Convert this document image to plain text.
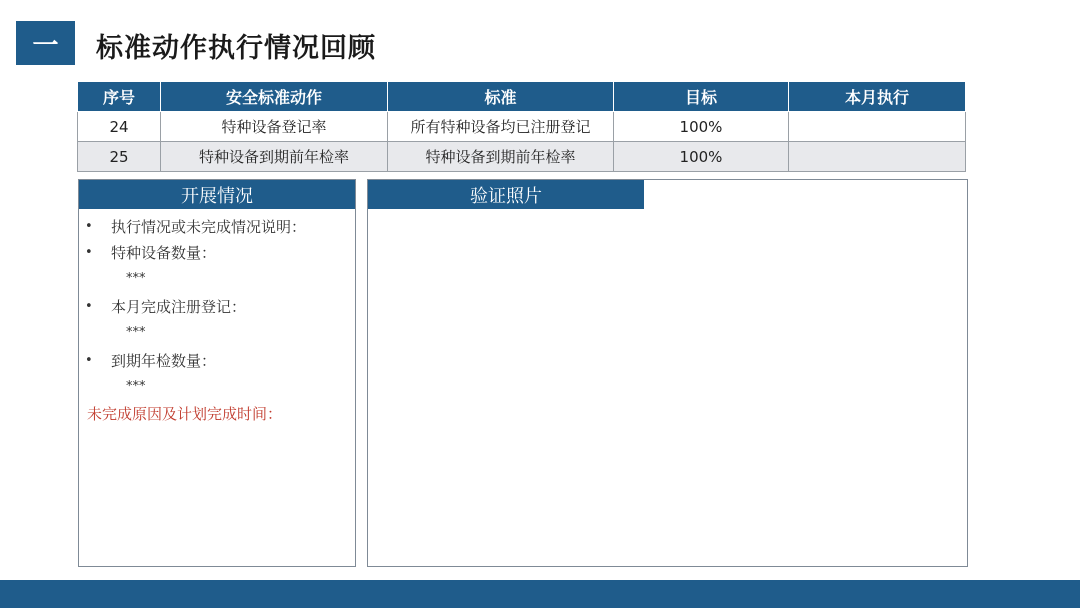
一	标准动作执行情况回顾
序号	安全标准动作	标准	目标	本月执行
24	特种设备登记率	所有特种设备均已注册登记	100%	
25	特种设备到期前年检率	特种设备到期前年检率	100%	
开展情况
•	执行情况或未完成情况说明：
•	特种设备数量：
***
•	本月完成注册登记：
***
•	到期年检数量：
***
未完成原因及计划完成时间：
验证照片
